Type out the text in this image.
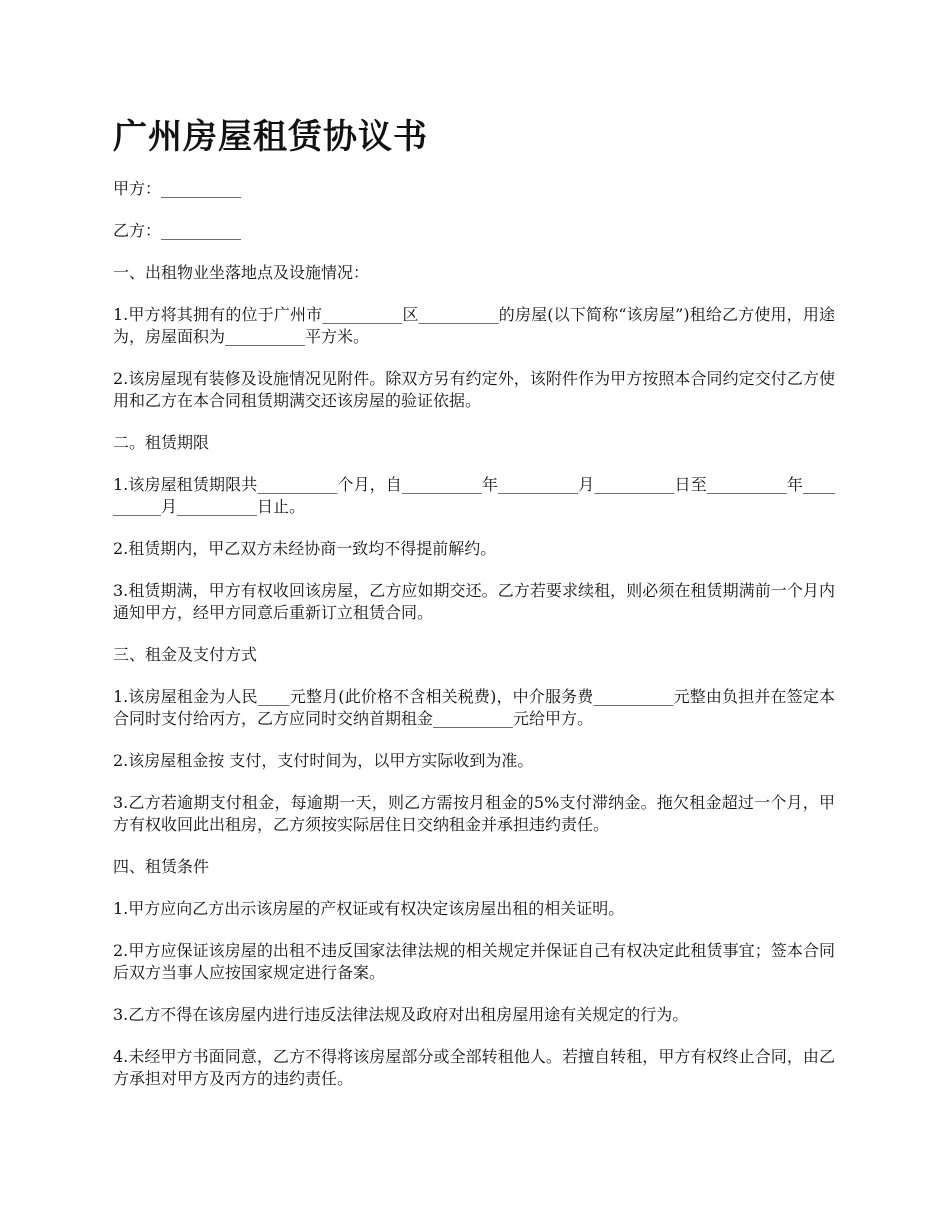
广州房屋租赁协议书

甲方：__________

乙方：__________

一、出租物业坐落地点及设施情况：

1.甲方将其拥有的位于广州市__________区__________的房屋(以下简称“该房屋”)租给乙方使用，用途为，房屋面积为__________平方米。

2.该房屋现有装修及设施情况见附件。除双方另有约定外，该附件作为甲方按照本合同约定交付乙方使用和乙方在本合同租赁期满交还该房屋的验证依据。

二。租赁期限

1.该房屋租赁期限共__________个月，自__________年__________月__________日至__________年__________月__________日止。

2.租赁期内，甲乙双方未经协商一致均不得提前解约。

3.租赁期满，甲方有权收回该房屋，乙方应如期交还。乙方若要求续租，则必须在租赁期满前一个月内通知甲方，经甲方同意后重新订立租赁合同。

三、租金及支付方式

1.该房屋租金为人民____元整月(此价格不含相关税费)，中介服务费__________元整由负担并在签定本合同时支付给丙方，乙方应同时交纳首期租金__________元给甲方。

2.该房屋租金按 支付，支付时间为，以甲方实际收到为准。

3.乙方若逾期支付租金，每逾期一天，则乙方需按月租金的5%支付滞纳金。拖欠租金超过一个月，甲方有权收回此出租房，乙方须按实际居住日交纳租金并承担违约责任。

四、租赁条件

1.甲方应向乙方出示该房屋的产权证或有权决定该房屋出租的相关证明。

2.甲方应保证该房屋的出租不违反国家法律法规的相关规定并保证自己有权决定此租赁事宜；签本合同后双方当事人应按国家规定进行备案。

3.乙方不得在该房屋内进行违反法律法规及政府对出租房屋用途有关规定的行为。

4.未经甲方书面同意，乙方不得将该房屋部分或全部转租他人。若擅自转租，甲方有权终止合同，由乙方承担对甲方及丙方的违约责任。
